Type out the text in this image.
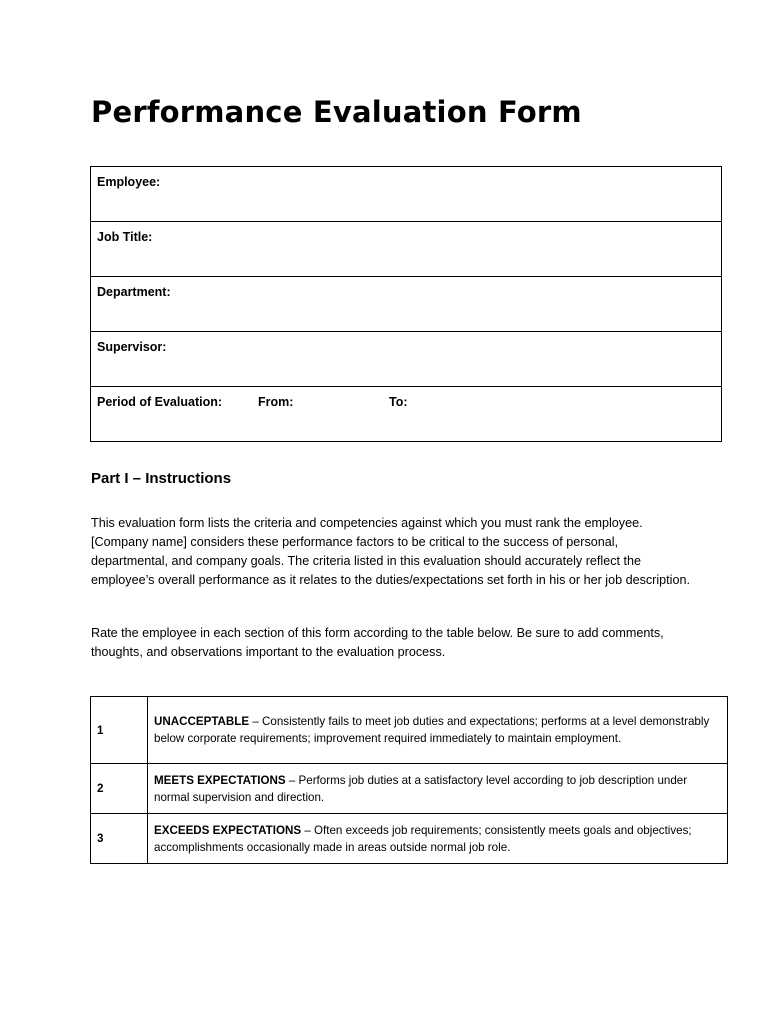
Performance Evaluation Form
Employee:

Job Title:

Department:

Supervisor:

Period of Evaluation:	From:	To:
Part I – Instructions

This evaluation form lists the criteria and competencies against which you must rank the employee. [Company name] considers these performance factors to be critical to the success of personal, departmental, and company goals. The criteria listed in this evaluation should accurately reflect the employee’s overall performance as it relates to the duties/expectations set forth in his or her job description.

Rate the employee in each section of this form according to the table below. Be sure to add comments, thoughts, and observations important to the evaluation process.

1	UNACCEPTABLE – Consistently fails to meet job duties and expectations; performs at a level demonstrably below corporate requirements; improvement required immediately to maintain employment.
2	MEETS EXPECTATIONS – Performs job duties at a satisfactory level according to job description under normal supervision and direction.
3	EXCEEDS EXPECTATIONS – Often exceeds job requirements; consistently meets goals and objectives; accomplishments occasionally made in areas outside normal job role.
